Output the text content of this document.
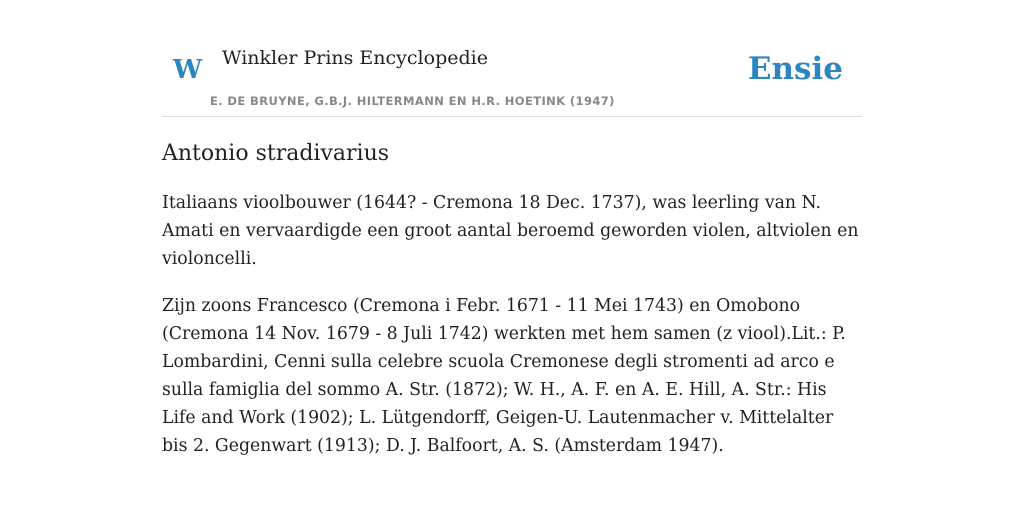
W Winkler Prins Encyclopedie
E. DE BRUYNE, G.B.J. HILTERMANN EN H.R. HOETINK (1947)
Ensie
Antonio stradivarius

Italiaans vioolbouwer (1644? - Cremona 18 Dec. 1737), was leerling van N. Amati en vervaardigde een groot aantal beroemd geworden violen, altviolen en violoncelli.

Zijn zoons Francesco (Cremona i Febr. 1671 - 11 Mei 1743) en Omobono (Cremona 14 Nov. 1679 - 8 Juli 1742) werkten met hem samen (z viool).Lit.: P. Lombardini, Cenni sulla celebre scuola Cremonese degli stromenti ad arco e sulla famiglia del sommo A. Str. (1872); W. H., A. F. en A. E. Hill, A. Str.: His Life and Work (1902); L. Lütgendorff, Geigen-U. Lautenmacher v. Mittelalter bis 2. Gegenwart (1913); D. J. Balfoort, A. S. (Amsterdam 1947).
